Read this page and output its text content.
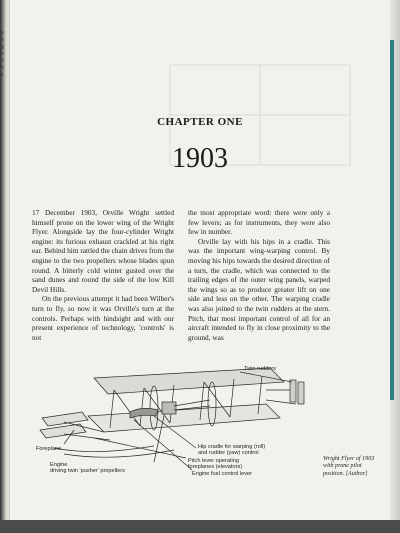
e
s
g
n
h
h
s
CHAPTER ONE
1903

17 December 1903, Orville Wright settled himself prone on the lower wing of the Wright Flyer. Alongside lay the four-cylinder Wright engine: its furious exhaust crackled at his right ear. Behind him rattled the chain drives from the engine to the two propellers whose blades spun round. A bitterly cold winter gusted over the sand dunes and round the side of the low Kill Devil Hills.

On the previous attempt it had been Wilber's turn to fly, so now it was Orville's turn at the controls. Perhaps with hindsight and with our present experience of technology, 'controls' is not

the most appropriate word: there were only a few levers; as for instruments, they were also few in number.

Orville lay with his hips in a cradle. This was the important wing-warping control. By moving his hips towards the desired direction of a turn, the cradle, which was connected to the trailing edges of the outer wing panels, warped the wings so as to produce greater lift on one side and less on the other. The warping cradle was also joined to the twin rudders at the stern. Pitch, that most important control of all for an aircraft intended to fly in close proximity to the ground, was

Twin rudders
Hip cradle for warping (roll)
and rudder (yaw) control
Pitch lever operating
foreplanes (elevators)
Foreplane
Engine
driving twin 'pusher' propellers	Engine fuel control lever
Wright Flyer of 1903
with prone pilot
position. [Author]
